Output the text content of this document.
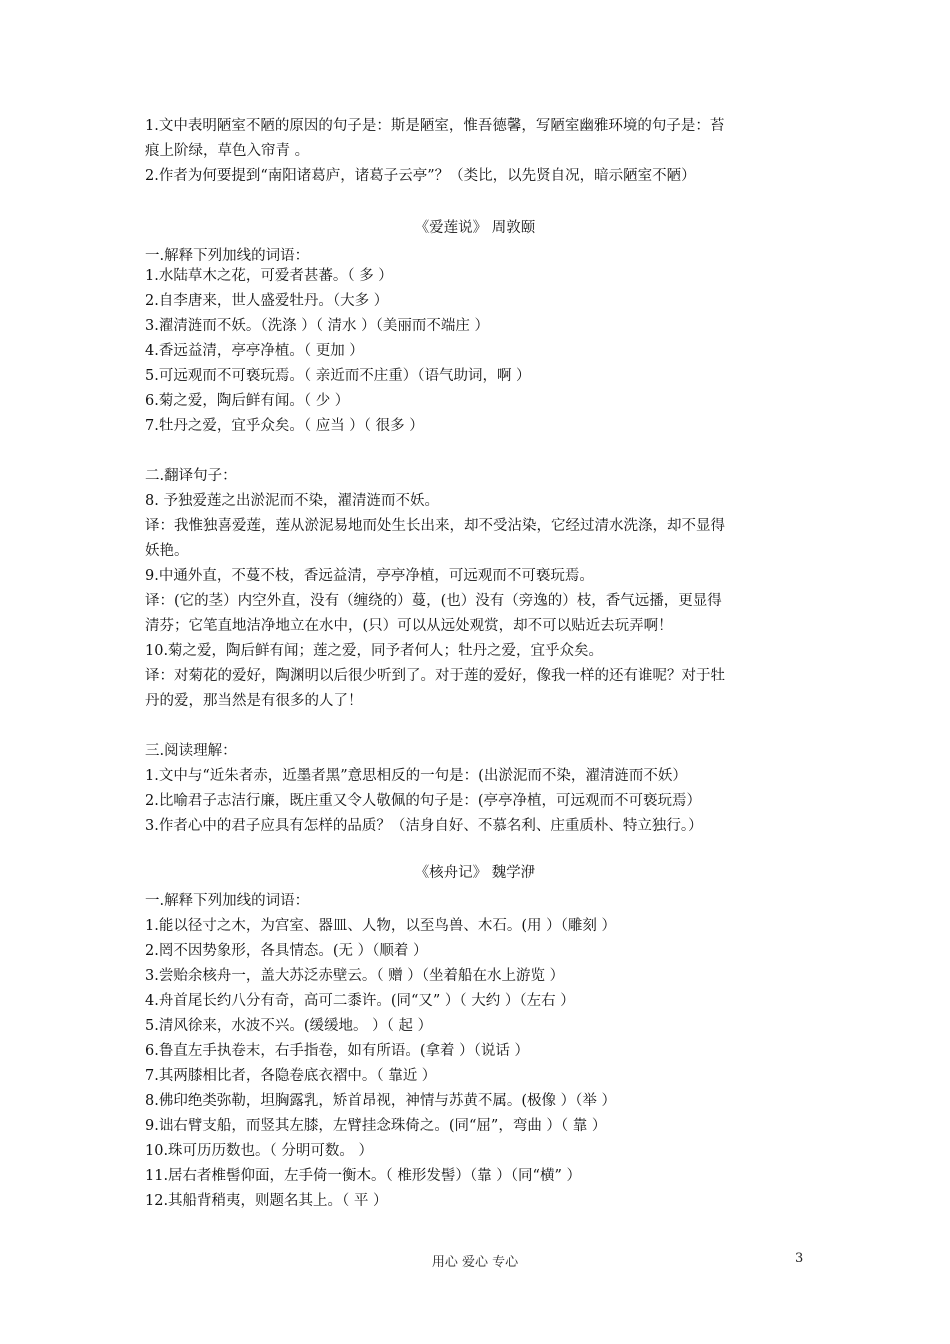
1.文中表明陋室不陋的原因的句子是：斯是陋室，惟吾德馨，写陋室幽雅环境的句子是：苔
痕上阶绿，草色入帘青 。
2.作者为何要提到“南阳诸葛庐，诸葛子云亭”？（类比，以先贤自况，暗示陋室不陋）
一.解释下列加线的词语：
1.水陆草木之花，可爱者甚蕃。（ 多 ）
2.自李唐来，世人盛爱牡丹。（大多 ）
3.濯清涟而不妖。（洗涤 ）（ 清水 ）（美丽而不端庄 ）
4.香远益清，亭亭净植。（ 更加 ）
5.可远观而不可亵玩焉。（ 亲近而不庄重）（语气助词，啊 ）
6.菊之爱，陶后鲜有闻。（ 少 ）
7.牡丹之爱，宜乎众矣。（ 应当 ）（ 很多 ）
二.翻译句子：
8. 予独爱莲之出淤泥而不染，濯清涟而不妖。
译：我惟独喜爱莲，莲从淤泥易地而处生长出来，却不受沾染，它经过清水洗涤，却不显得
妖艳。
9.中通外直，不蔓不枝，香远益清，亭亭净植，可远观而不可亵玩焉。
译：(它的茎）内空外直，没有（缠绕的）蔓，(也）没有（旁逸的）枝，香气远播，更显得
清芬；它笔直地洁净地立在水中，(只）可以从远处观赏，却不可以贴近去玩弄啊！
10.菊之爱，陶后鲜有闻；莲之爱，同予者何人；牡丹之爱，宜乎众矣。
译：对菊花的爱好，陶渊明以后很少听到了。对于莲的爱好，像我一样的还有谁呢？对于牡
丹的爱，那当然是有很多的人了！
三.阅读理解：
1.文中与“近朱者赤，近墨者黑”意思相反的一句是：(出淤泥而不染，濯清涟而不妖）
2.比喻君子志洁行廉，既庄重又令人敬佩的句子是：(亭亭净植，可远观而不可亵玩焉）
3.作者心中的君子应具有怎样的品质？（洁身自好、不慕名利、庄重质朴、特立独行。）
一.解释下列加线的词语：
1.能以径寸之木，为宫室、器皿、人物，以至鸟兽、木石。(用 ）（雕刻 ）
2.罔不因势象形，各具情态。(无 ）（顺着 ）
3.尝贻余核舟一，盖大苏泛赤壁云。（ 赠 ）（坐着船在水上游览 ）
4.舟首尾长约八分有奇，高可二黍许。(同“又” ）（ 大约 ）（左右 ）
5.清风徐来，水波不兴。(缓缓地。 ）（ 起 ）
6.鲁直左手执卷末，右手指卷，如有所语。(拿着 ）（说话 ）
7.其两膝相比者，各隐卷底衣褶中。（ 靠近 ）
8.佛印绝类弥勒，坦胸露乳，矫首昂视，神情与苏黄不属。(极像 ）（举 ）
9.诎右臂支船，而竖其左膝，左臂挂念珠倚之。(同“屈”，弯曲 ）（ 靠 ）
10.珠可历历数也。（ 分明可数。 ）
11.居右者椎髻仰面，左手倚一衡木。（ 椎形发髻）（靠 ）（同“横” ）
12.其船背稍夷，则题名其上。（ 平 ）
《爱莲说》 周敦颐
《核舟记》 魏学洢
用心 爱心 专心	3
